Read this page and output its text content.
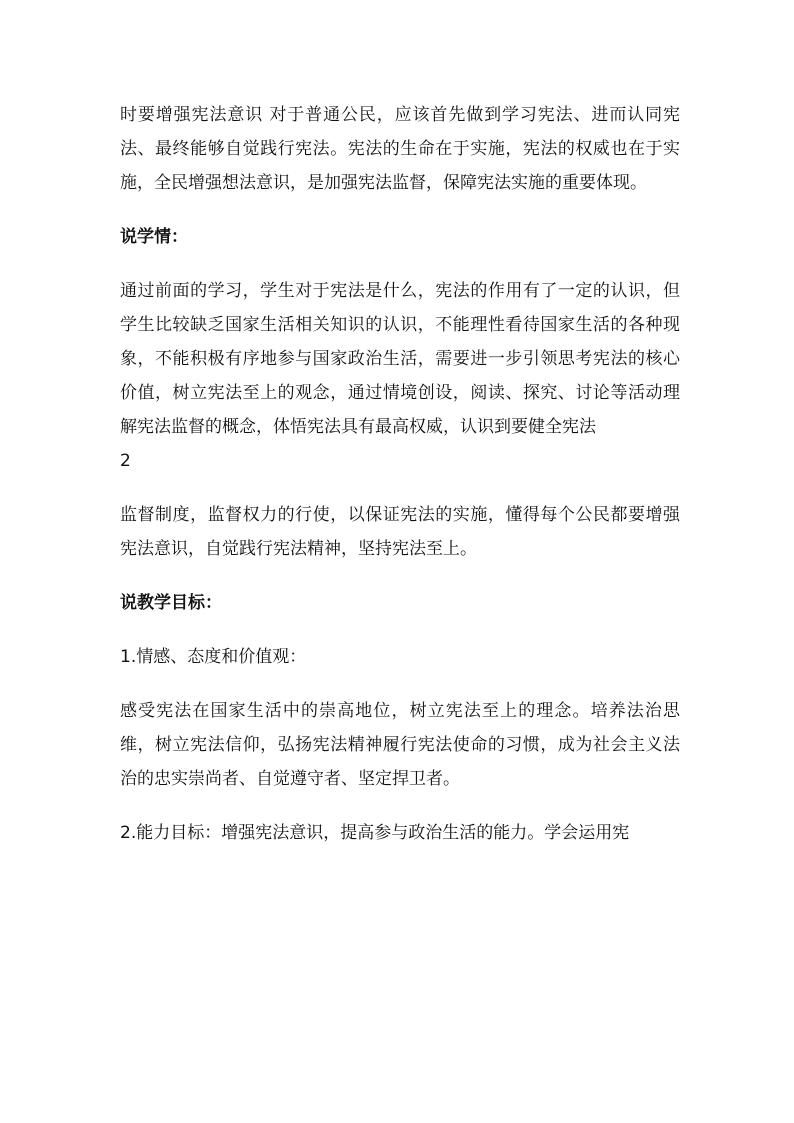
时要增强宪法意识 对于普通公民，应该首先做到学习宪法、进而认同宪法、最终能够自觉践行宪法。宪法的生命在于实施，宪法的权威也在于实施，全民增强想法意识，是加强宪法监督，保障宪法实施的重要体现。

说学情：

通过前面的学习，学生对于宪法是什么，宪法的作用有了一定的认识，但学生比较缺乏国家生活相关知识的认识，不能理性看待国家生活的各种现象，不能积极有序地参与国家政治生活，需要进一步引领思考宪法的核心价值，树立宪法至上的观念，通过情境创设，阅读、探究、讨论等活动理解宪法监督的概念，体悟宪法具有最高权威，认识到要健全宪法

2

监督制度，监督权力的行使，以保证宪法的实施，懂得每个公民都要增强宪法意识，自觉践行宪法精神，坚持宪法至上。

说教学目标：

1.情感、态度和价值观：

感受宪法在国家生活中的崇高地位，树立宪法至上的理念。培养法治思维，树立宪法信仰，弘扬宪法精神履行宪法使命的习惯，成为社会主义法治的忠实崇尚者、自觉遵守者、坚定捍卫者。

2.能力目标：增强宪法意识，提高参与政治生活的能力。学会运用宪
